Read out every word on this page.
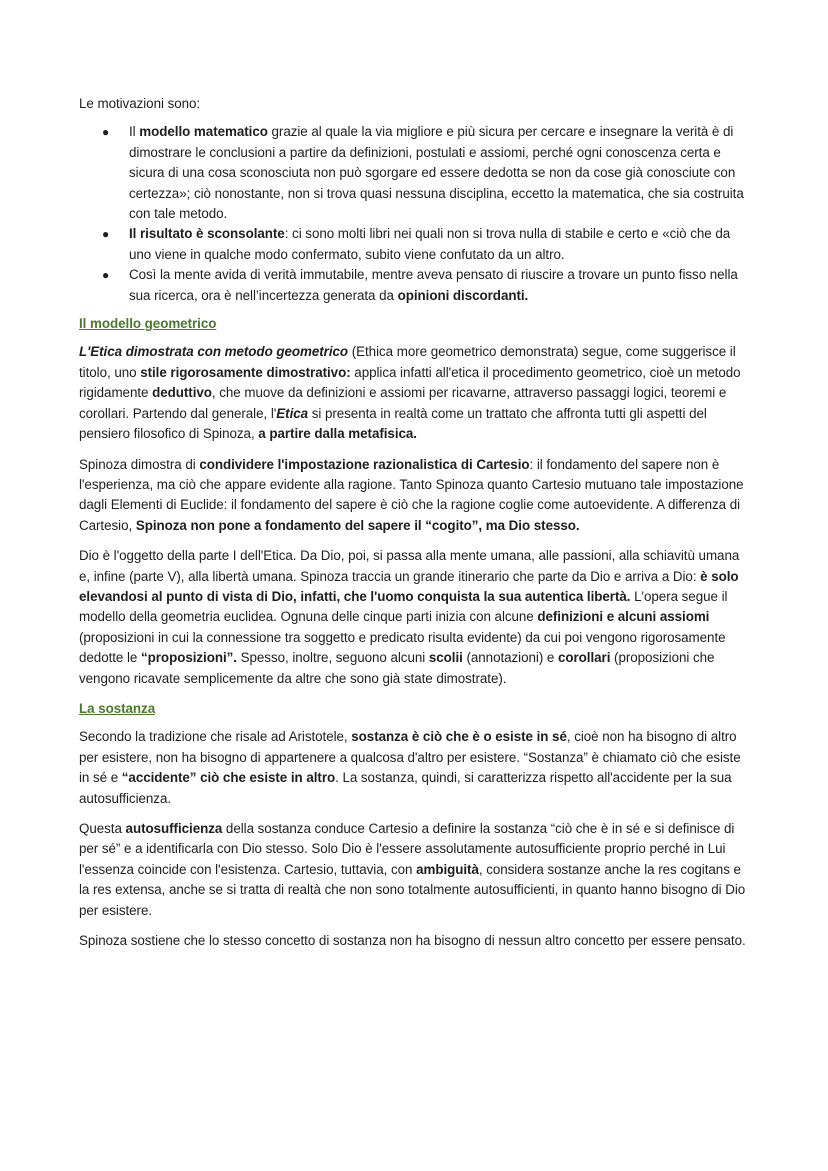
Le motivazioni sono:

● Il modello matematico grazie al quale la via migliore e più sicura per cercare e insegnare la verità è di dimostrare le conclusioni a partire da definizioni, postulati e assiomi, perché ogni conoscenza certa e sicura di una cosa sconosciuta non può sgorgare ed essere dedotta se non da cose già conosciute con certezza»; ciò nonostante, non si trova quasi nessuna disciplina, eccetto la matematica, che sia costruita con tale metodo.
● Il risultato è sconsolante: ci sono molti libri nei quali non si trova nulla di stabile e certo e «ciò che da uno viene in qualche modo confermato, subito viene confutato da un altro.
● Così la mente avida di verità immutabile, mentre aveva pensato di riuscire a trovare un punto fisso nella sua ricerca, ora è nell’incertezza generata da opinioni discordanti.

Il modello geometrico

L'Etica dimostrata con metodo geometrico (Ethica more geometrico demonstrata) segue, come suggerisce il titolo, uno stile rigorosamente dimostrativo: applica infatti all'etica il procedimento geometrico, cioè un metodo rigidamente deduttivo, che muove da definizioni e assiomi per ricavarne, attraverso passaggi logici, teoremi e corollari. Partendo dal generale, l'Etica si presenta in realtà come un trattato che affronta tutti gli aspetti del pensiero filosofico di Spinoza, a partire dalla metafisica.

Spinoza dimostra di condividere l'impostazione razionalistica di Cartesio: il fondamento del sapere non è l'esperienza, ma ciò che appare evidente alla ragione. Tanto Spinoza quanto Cartesio mutuano tale impostazione dagli Elementi di Euclide: il fondamento del sapere è ciò che la ragione coglie come autoevidente. A differenza di Cartesio, Spinoza non pone a fondamento del sapere il “cogito”, ma Dio stesso.

Dio è l'oggetto della parte I dell'Etica. Da Dio, poi, si passa alla mente umana, alle passioni, alla schiavitù umana e, infine (parte V), alla libertà umana. Spinoza traccia un grande itinerario che parte da Dio e arriva a Dio: è solo elevandosi al punto di vista di Dio, infatti, che l'uomo conquista la sua autentica libertà. L'opera segue il modello della geometria euclidea. Ognuna delle cinque parti inizia con alcune definizioni e alcuni assiomi (proposizioni in cui la connessione tra soggetto e predicato risulta evidente) da cui poi vengono rigorosamente dedotte le “proposizioni”. Spesso, inoltre, seguono alcuni scolii (annotazioni) e corollari (proposizioni che vengono ricavate semplicemente da altre che sono già state dimostrate).

La sostanza

Secondo la tradizione che risale ad Aristotele, sostanza è ciò che è o esiste in sé, cioè non ha bisogno di altro per esistere, non ha bisogno di appartenere a qualcosa d'altro per esistere. “Sostanza” è chiamato ciò che esiste in sé e “accidente” ciò che esiste in altro. La sostanza, quindi, si caratterizza rispetto all'accidente per la sua autosufficienza.

Questa autosufficienza della sostanza conduce Cartesio a definire la sostanza “ciò che è in sé e si definisce di per sé” e a identificarla con Dio stesso. Solo Dio è l'essere assolutamente autosufficiente proprio perché in Lui l'essenza coincide con l'esistenza. Cartesio, tuttavia, con ambiguità, considera sostanze anche la res cogitans e la res extensa, anche se si tratta di realtà che non sono totalmente autosufficienti, in quanto hanno bisogno di Dio per esistere.

Spinoza sostiene che lo stesso concetto di sostanza non ha bisogno di nessun altro concetto per essere pensato.
